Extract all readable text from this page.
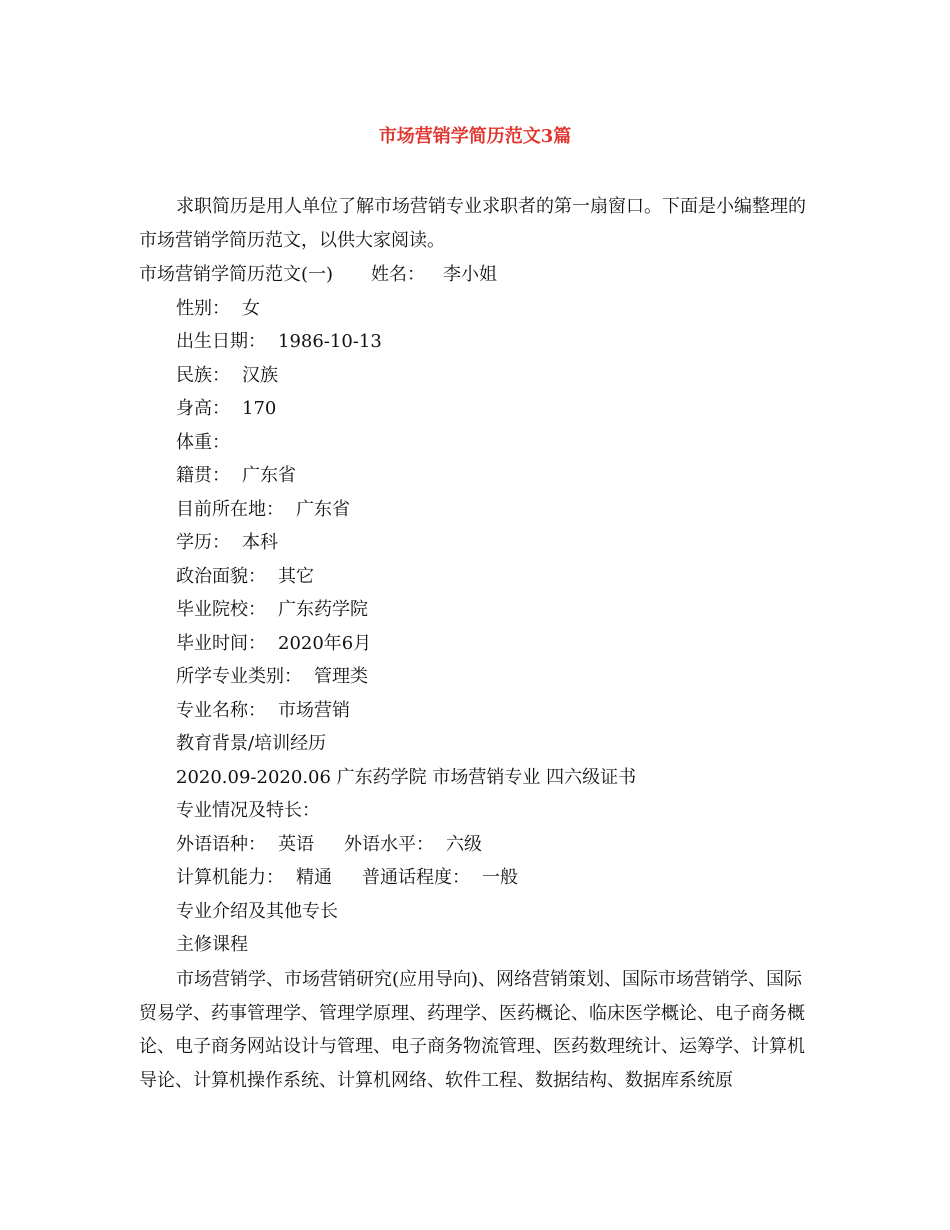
市场营销学简历范文3篇

求职简历是用人单位了解市场营销专业求职者的第一扇窗口。下面是小编整理的市场营销学简历范文，以供大家阅读。

市场营销学简历范文(一) 姓名： 李小姐
性别： 女
出生日期： 1986-10-13
民族： 汉族
身高： 170
体重：
籍贯： 广东省
目前所在地： 广东省
学历： 本科
政治面貌： 其它
毕业院校： 广东药学院
毕业时间： 2020年6月
所学专业类别： 管理类
专业名称： 市场营销
教育背景/培训经历
2020.09-2020.06 广东药学院 市场营销专业 四六级证书
专业情况及特长：
外语语种： 英语 外语水平： 六级
计算机能力： 精通 普通话程度： 一般
专业介绍及其他专长
主修课程

市场营销学、市场营销研究(应用导向)、网络营销策划、国际市场营销学、国际贸易学、药事管理学、管理学原理、药理学、医药概论、临床医学概论、电子商务概论、电子商务网站设计与管理、电子商务物流管理、医药数理统计、运筹学、计算机导论、计算机操作系统、计算机网络、软件工程、数据结构、数据库系统原
